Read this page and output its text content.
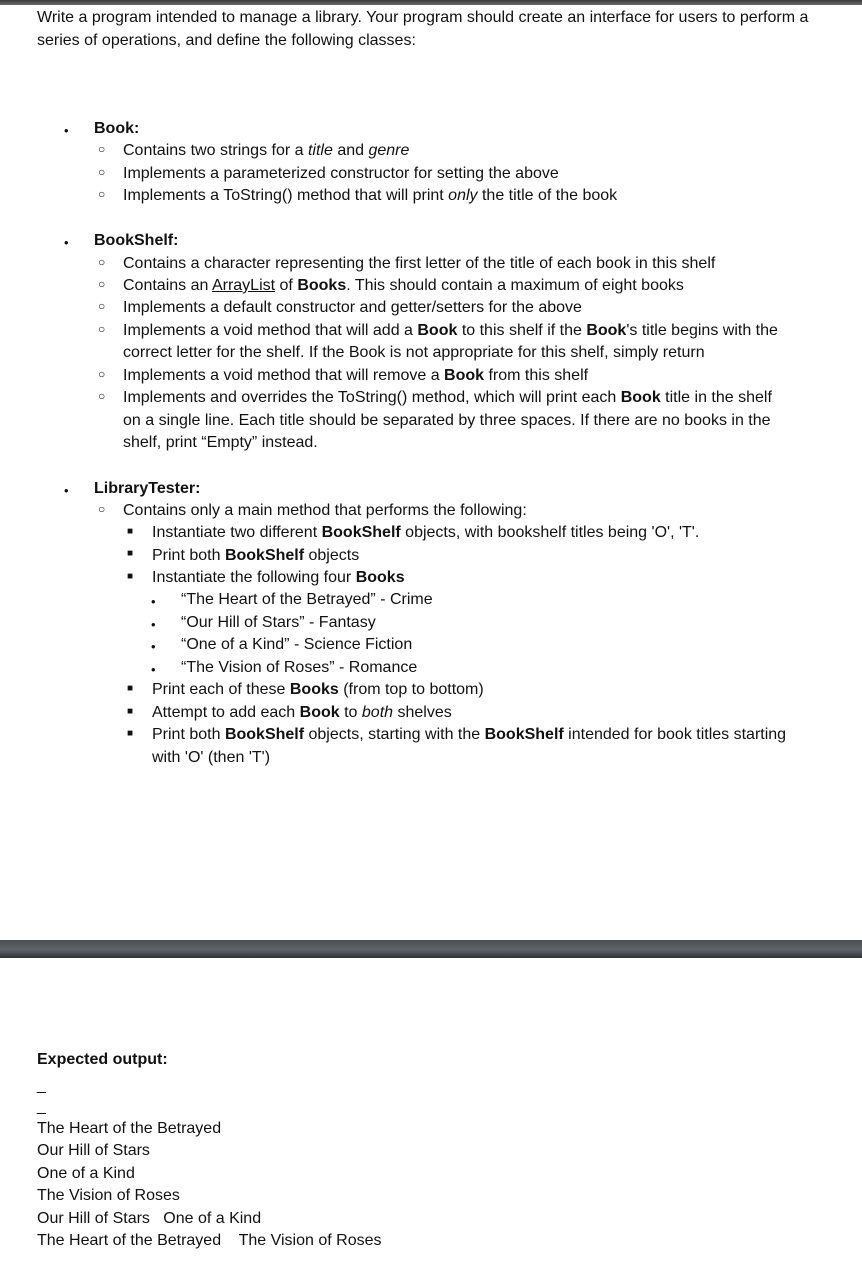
Write a program intended to manage a library. Your program should create an interface for users to perform a series of operations, and define the following classes:
• Book:
○ Contains two strings for a title and genre
○ Implements a parameterized constructor for setting the above
○ Implements a ToString() method that will print only the title of the book
• BookShelf:
○ Contains a character representing the first letter of the title of each book in this shelf
○ Contains an ArrayList of Books. This should contain a maximum of eight books
○ Implements a default constructor and getter/setters for the above
○ Implements a void method that will add a Book to this shelf if the Book's title begins with the
correct letter for the shelf. If the Book is not appropriate for this shelf, simply return
○ Implements a void method that will remove a Book from this shelf
○ Implements and overrides the ToString() method, which will print each Book title in the shelf
on a single line. Each title should be separated by three spaces. If there are no books in the
shelf, print “Empty” instead.
• LibraryTester:
○ Contains only a main method that performs the following:
■ Instantiate two different BookShelf objects, with bookshelf titles being 'O', 'T'.
■ Print both BookShelf objects
■ Instantiate the following four Books
• “The Heart of the Betrayed” - Crime
• “Our Hill of Stars” - Fantasy
• “One of a Kind” - Science Fiction
• “The Vision of Roses” - Romance
■ Print each of these Books (from top to bottom)
■ Attempt to add each Book to both shelves
■ Print both BookShelf objects, starting with the BookShelf intended for book titles starting
with 'O' (then 'T')
Expected output:
_
_
The Heart of the Betrayed
Our Hill of Stars
One of a Kind
The Vision of Roses
Our Hill of Stars   One of a Kind
The Heart of the Betrayed    The Vision of Roses
